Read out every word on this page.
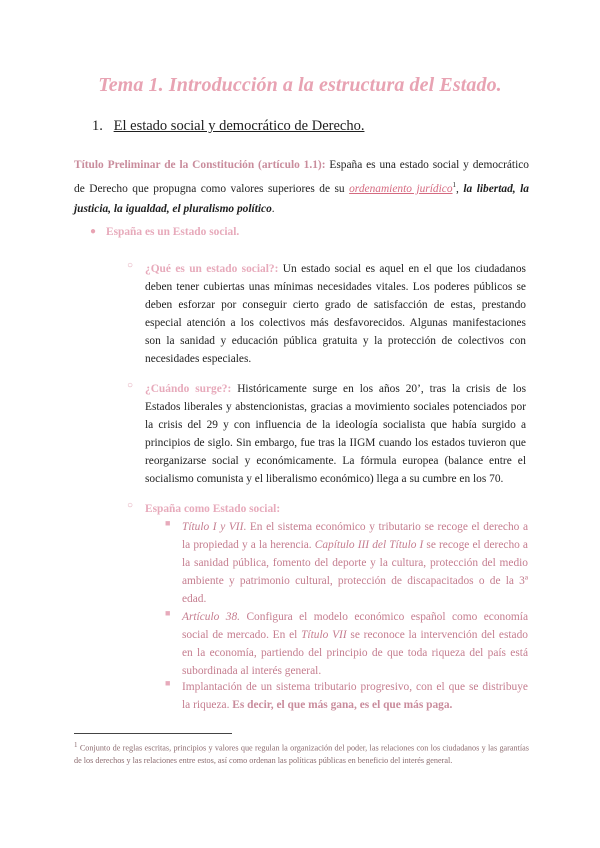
Tema 1. Introducción a la estructura del Estado.
1. El estado social y democrático de Derecho.
Título Preliminar de la Constitución (artículo 1.1): España es una estado social y democrático de Derecho que propugna como valores superiores de su ordenamiento jurídico$^1$, la libertad, la justicia, la igualdad, el pluralismo político.
● España es un Estado social.
○ ¿Qué es un estado social?: Un estado social es aquel en el que los ciudadanos deben tener cubiertas unas mínimas necesidades vitales. Los poderes públicos se deben esforzar por conseguir cierto grado de satisfacción de estas, prestando especial atención a los colectivos más desfavorecidos. Algunas manifestaciones son la sanidad y educación pública gratuita y la protección de colectivos con necesidades especiales.
○ ¿Cuándo surge?: Históricamente surge en los años 20’, tras la crisis de los Estados liberales y abstencionistas, gracias a movimiento sociales potenciados por la crisis del 29 y con influencia de la ideología socialista que había surgido a principios de siglo. Sin embargo, fue tras la IIGM cuando los estados tuvieron que reorganizarse social y económicamente. La fórmula europea (balance entre el socialismo comunista y el liberalismo económico) llega a su cumbre en los 70.
○ España como Estado social:
■ Título I y VII. En el sistema económico y tributario se recoge el derecho a la propiedad y a la herencia. Capítulo III del Título I se recoge el derecho a la sanidad pública, fomento del deporte y la cultura, protección del medio ambiente y patrimonio cultural, protección de discapacitados o de la 3ª edad.
■ Artículo 38. Configura el modelo económico español como economía social de mercado. En el Título VII se reconoce la intervención del estado en la economía, partiendo del principio de que toda riqueza del país está subordinada al interés general.
■ Implantación de un sistema tributario progresivo, con el que se distribuye la riqueza. Es decir, el que más gana, es el que más paga.
$^1$ Conjunto de reglas escritas, principios y valores que regulan la organización del poder, las relaciones con los ciudadanos y las garantías de los derechos y las relaciones entre estos, así como ordenan las políticas públicas en beneficio del interés general.
